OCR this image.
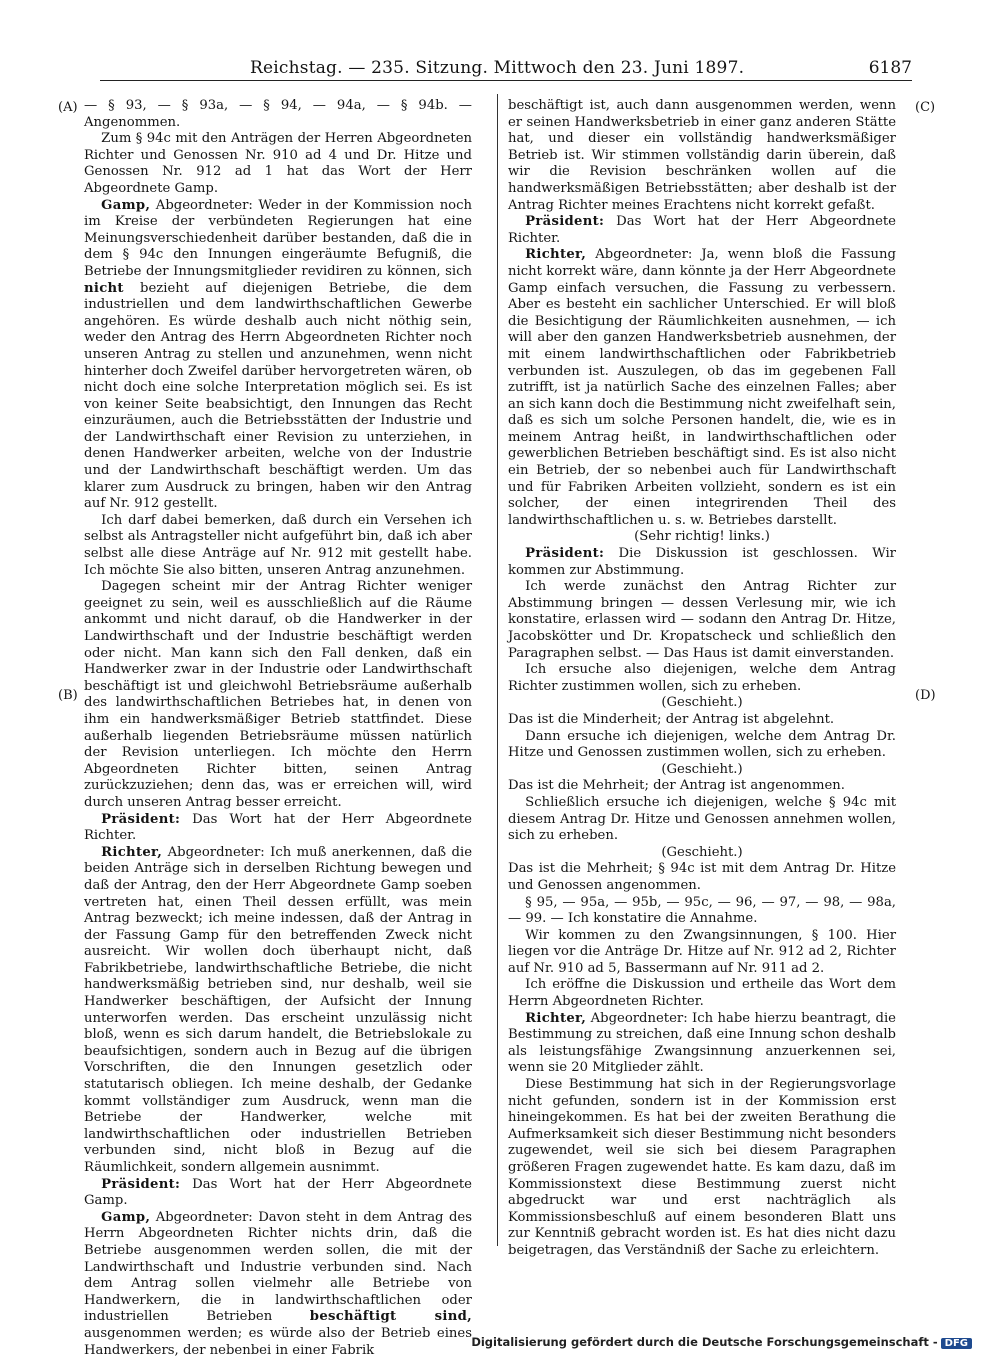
Reichstag. — 235. Sitzung. Mittwoch den 23. Juni 1897.	6187
(A)
(B)
(C)
(D)

— § 93, — § 93a, — § 94, — 94a, — § 94b. — Angenommen.

Zum § 94c mit den Anträgen der Herren Abgeordneten Richter und Genossen Nr. 910 ad 4 und Dr. Hitze und Genossen Nr. 912 ad 1 hat das Wort der Herr Abgeordnete Gamp.

Gamp, Abgeordneter: Weder in der Kommission noch im Kreise der verbündeten Regierungen hat eine Meinungsverschiedenheit darüber bestanden, daß die in dem § 94c den Innungen eingeräumte Befugniß, die Betriebe der Innungsmitglieder revidiren zu können, sich nicht bezieht auf diejenigen Betriebe, die dem industriellen und dem landwirthschaftlichen Gewerbe angehören. Es würde deshalb auch nicht nöthig sein, weder den Antrag des Herrn Abgeordneten Richter noch unseren Antrag zu stellen und anzunehmen, wenn nicht hinterher doch Zweifel darüber hervorgetreten wären, ob nicht doch eine solche Interpretation möglich sei. Es ist von keiner Seite beabsichtigt, den Innungen das Recht einzuräumen, auch die Betriebsstätten der Industrie und der Landwirthschaft einer Revision zu unterziehen, in denen Handwerker arbeiten, welche von der Industrie und der Landwirthschaft beschäftigt werden. Um das klarer zum Ausdruck zu bringen, haben wir den Antrag auf Nr. 912 gestellt.

Ich darf dabei bemerken, daß durch ein Versehen ich selbst als Antragsteller nicht aufgeführt bin, daß ich aber selbst alle diese Anträge auf Nr. 912 mit gestellt habe. Ich möchte Sie also bitten, unseren Antrag anzunehmen.

Dagegen scheint mir der Antrag Richter weniger geeignet zu sein, weil es ausschließlich auf die Räume ankommt und nicht darauf, ob die Handwerker in der Landwirthschaft und der Industrie beschäftigt werden oder nicht. Man kann sich den Fall denken, daß ein Handwerker zwar in der Industrie oder Landwirthschaft beschäftigt ist und gleichwohl Betriebsräume außerhalb des landwirthschaftlichen Betriebes hat, in denen von ihm ein handwerksmäßiger Betrieb stattfindet. Diese außerhalb liegenden Betriebsräume müssen natürlich der Revision unterliegen. Ich möchte den Herrn Abgeordneten Richter bitten, seinen Antrag zurückzuziehen; denn das, was er erreichen will, wird durch unseren Antrag besser erreicht.

Präsident: Das Wort hat der Herr Abgeordnete Richter.

Richter, Abgeordneter: Ich muß anerkennen, daß die beiden Anträge sich in derselben Richtung bewegen und daß der Antrag, den der Herr Abgeordnete Gamp soeben vertreten hat, einen Theil dessen erfüllt, was mein Antrag bezweckt; ich meine indessen, daß der Antrag in der Fassung Gamp für den betreffenden Zweck nicht ausreicht. Wir wollen doch überhaupt nicht, daß Fabrikbetriebe, landwirthschaftliche Betriebe, die nicht handwerksmäßig betrieben sind, nur deshalb, weil sie Handwerker beschäftigen, der Aufsicht der Innung unterworfen werden. Das erscheint unzulässig nicht bloß, wenn es sich darum handelt, die Betriebslokale zu beaufsichtigen, sondern auch in Bezug auf die übrigen Vorschriften, die den Innungen gesetzlich oder statutarisch obliegen. Ich meine deshalb, der Gedanke kommt vollständiger zum Ausdruck, wenn man die Betriebe der Handwerker, welche mit landwirthschaftlichen oder industriellen Betrieben verbunden sind, nicht bloß in Bezug auf die Räumlichkeit, sondern allgemein ausnimmt.

Präsident: Das Wort hat der Herr Abgeordnete Gamp.

Gamp, Abgeordneter: Davon steht in dem Antrag des Herrn Abgeordneten Richter nichts drin, daß die Betriebe ausgenommen werden sollen, die mit der Landwirthschaft und Industrie verbunden sind. Nach dem Antrag sollen vielmehr alle Betriebe von Handwerkern, die in landwirthschaftlichen oder industriellen Betrieben beschäftigt sind, ausgenommen werden; es würde also der Betrieb eines Handwerkers, der nebenbei in einer Fabrik

beschäftigt ist, auch dann ausgenommen werden, wenn er seinen Handwerksbetrieb in einer ganz anderen Stätte hat, und dieser ein vollständig handwerksmäßiger Betrieb ist. Wir stimmen vollständig darin überein, daß wir die Revision beschränken wollen auf die handwerksmäßigen Betriebsstätten; aber deshalb ist der Antrag Richter meines Erachtens nicht korrekt gefaßt.

Präsident: Das Wort hat der Herr Abgeordnete Richter.

Richter, Abgeordneter: Ja, wenn bloß die Fassung nicht korrekt wäre, dann könnte ja der Herr Abgeordnete Gamp einfach versuchen, die Fassung zu verbessern. Aber es besteht ein sachlicher Unterschied. Er will bloß die Besichtigung der Räumlichkeiten ausnehmen, — ich will aber den ganzen Handwerksbetrieb ausnehmen, der mit einem landwirthschaftlichen oder Fabrikbetrieb verbunden ist. Auszulegen, ob das im gegebenen Fall zutrifft, ist ja natürlich Sache des einzelnen Falles; aber an sich kann doch die Bestimmung nicht zweifelhaft sein, daß es sich um solche Personen handelt, die, wie es in meinem Antrag heißt, in landwirthschaftlichen oder gewerblichen Betrieben beschäftigt sind. Es ist also nicht ein Betrieb, der so nebenbei auch für Landwirthschaft und für Fabriken Arbeiten vollzieht, sondern es ist ein solcher, der einen integrirenden Theil des landwirthschaftlichen u. s. w. Betriebes darstellt.

(Sehr richtig! links.)

Präsident: Die Diskussion ist geschlossen. Wir kommen zur Abstimmung.

Ich werde zunächst den Antrag Richter zur Abstimmung bringen — dessen Verlesung mir, wie ich konstatire, erlassen wird — sodann den Antrag Dr. Hitze, Jacobskötter und Dr. Kropatscheck und schließlich den Paragraphen selbst. — Das Haus ist damit einverstanden.

Ich ersuche also diejenigen, welche dem Antrag Richter zustimmen wollen, sich zu erheben.

(Geschieht.)

Das ist die Minderheit; der Antrag ist abgelehnt.

Dann ersuche ich diejenigen, welche dem Antrag Dr. Hitze und Genossen zustimmen wollen, sich zu erheben.

(Geschieht.)

Das ist die Mehrheit; der Antrag ist angenommen.

Schließlich ersuche ich diejenigen, welche § 94c mit diesem Antrag Dr. Hitze und Genossen annehmen wollen, sich zu erheben.

(Geschieht.)

Das ist die Mehrheit; § 94c ist mit dem Antrag Dr. Hitze und Genossen angenommen.

§ 95, — 95a, — 95b, — 95c, — 96, — 97, — 98, — 98a, — 99. — Ich konstatire die Annahme.

Wir kommen zu den Zwangsinnungen, § 100. Hier liegen vor die Anträge Dr. Hitze auf Nr. 912 ad 2, Richter auf Nr. 910 ad 5, Bassermann auf Nr. 911 ad 2.

Ich eröffne die Diskussion und ertheile das Wort dem Herrn Abgeordneten Richter.

Richter, Abgeordneter: Ich habe hierzu beantragt, die Bestimmung zu streichen, daß eine Innung schon deshalb als leistungsfähige Zwangsinnung anzuerkennen sei, wenn sie 20 Mitglieder zählt.

Diese Bestimmung hat sich in der Regierungsvorlage nicht gefunden, sondern ist in der Kommission erst hineingekommen. Es hat bei der zweiten Berathung die Aufmerksamkeit sich dieser Bestimmung nicht besonders zugewendet, weil sie sich bei diesem Paragraphen größeren Fragen zugewendet hatte. Es kam dazu, daß im Kommissionstext diese Bestimmung zuerst nicht abgedruckt war und erst nachträglich als Kommissionsbeschluß auf einem besonderen Blatt uns zur Kenntniß gebracht worden ist. Es hat dies nicht dazu beigetragen, das Verständniß der Sache zu erleichtern.

Digitalisierung gefördert durch die Deutsche Forschungsgemeinschaft - DFG
